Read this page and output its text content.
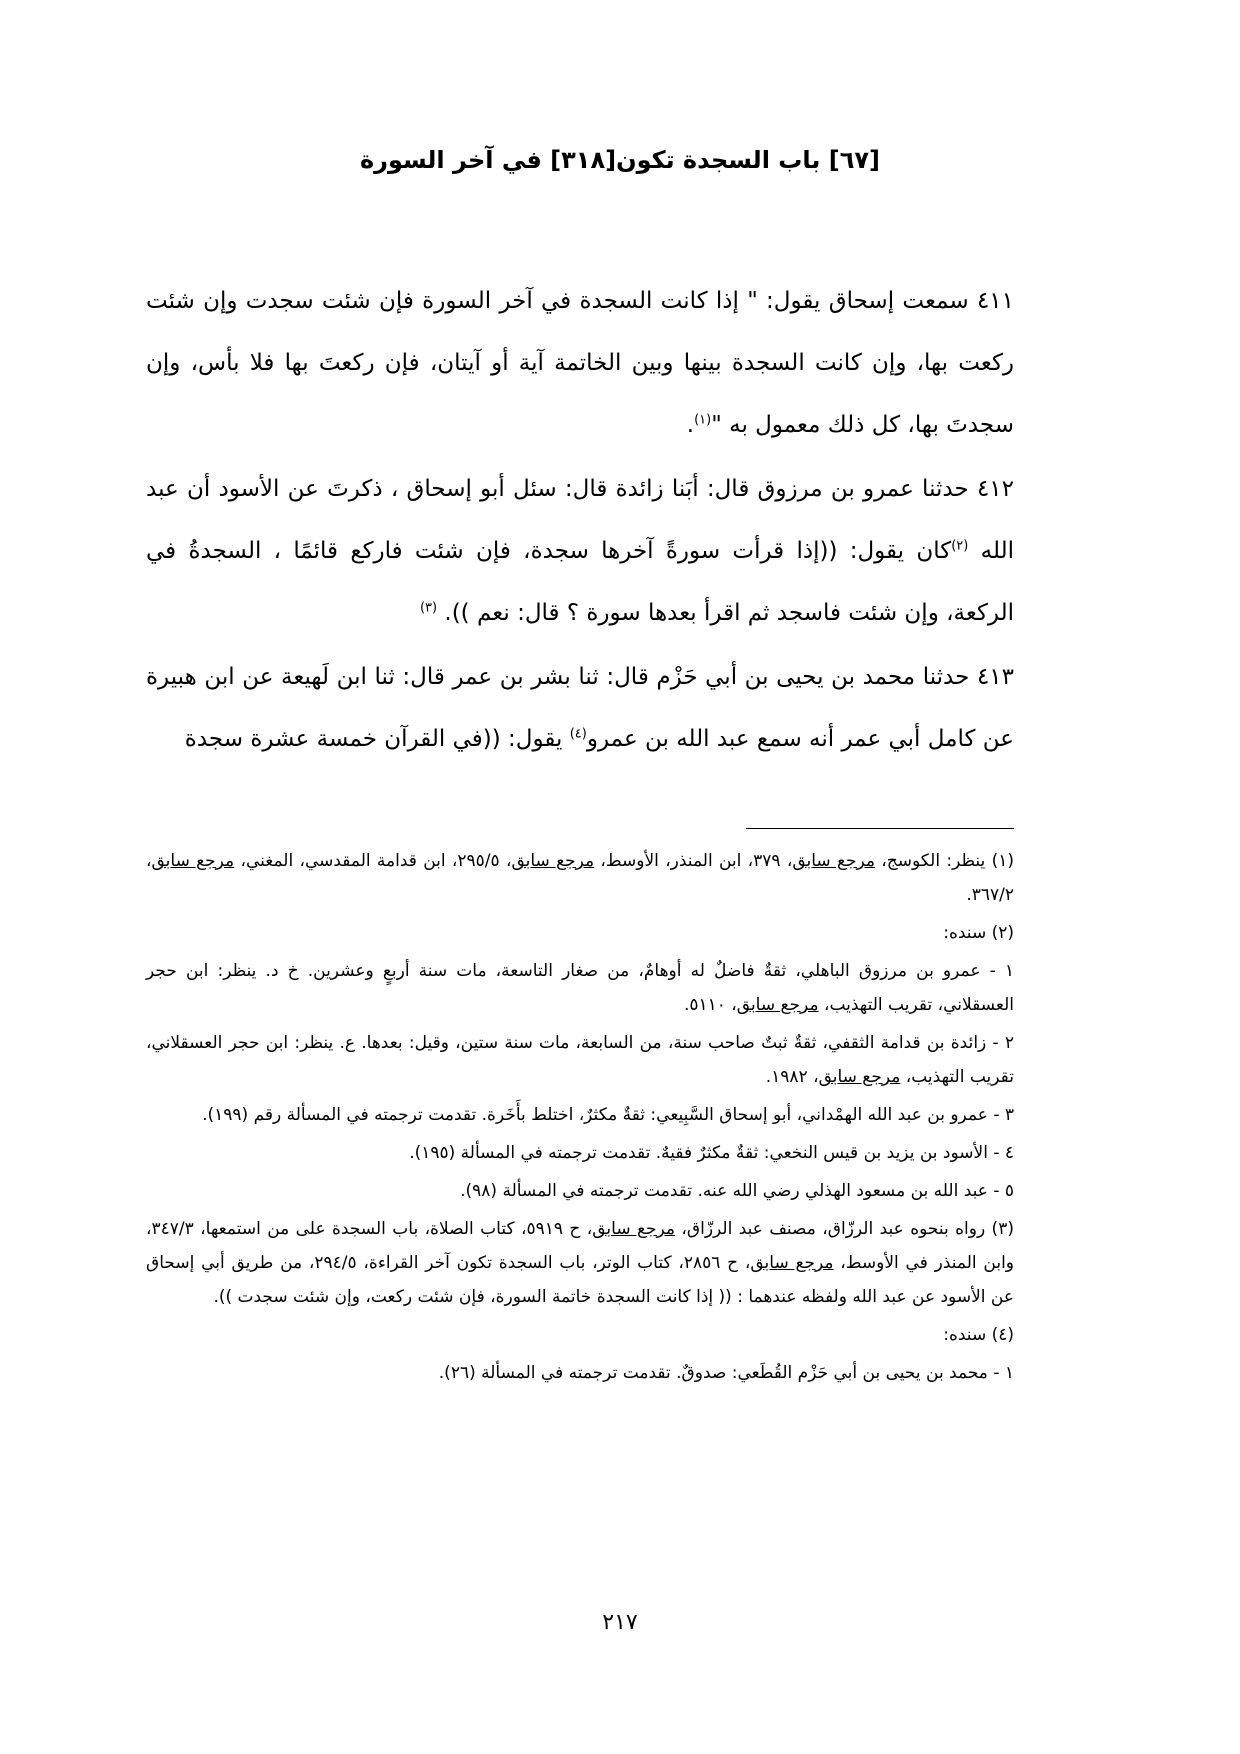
[٦٧] باب السجدة تكون[٣١٨] في آخر السورة

٤١١ سمعت إسحاق يقول: " إذا كانت السجدة في آخر السورة فإن شئت سجدت وإن شئت ركعت بها، وإن كانت السجدة بينها وبين الخاتمة آية أو آيتان، فإن ركعتَ بها فلا بأس، وإن سجدتَ بها، كل ذلك معمول به "$^{(١)}$.

٤١٢ حدثنا عمرو بن مرزوق قال: أبَنا زائدة قال: سئل أبو إسحاق ، ذكرتَ عن الأسود أن عبد الله $^{(٢)}$كان يقول: ((إذا قرأت سورةً آخرها سجدة، فإن شئت فاركع قائمًا ، السجدةُ في الركعة، وإن شئت فاسجد ثم اقرأ بعدها سورة ؟ قال: نعم )). $^{(٣)}$

٤١٣ حدثنا محمد بن يحيى بن أبي حَزْم قال: ثنا بشر بن عمر قال: ثنا ابن لَهيعة عن ابن هبيرة عن كامل أبي عمر أنه سمع عبد الله بن عمرو$^{(٤)}$ يقول: ((في القرآن خمسة عشرة سجدة

(١) ينظر: الكوسج، مرجع سابق، ٣٧٩، ابن المنذر، الأوسط، مرجع سابق، ٢٩٥/٥، ابن قدامة المقدسي، المغني، مرجع سابق، ٣٦٧/٢.

(٢) سنده:

١ - عمرو بن مرزوق الباهلي، ثقةٌ فاضلٌ له أوهامٌ، من صغار التاسعة، مات سنة أربعٍ وعشرين. خ د. ينظر: ابن حجر العسقلاني، تقريب التهذيب، مرجع سابق، ٥١١٠.

٢ - زائدة بن قدامة الثقفي، ثقةٌ ثبتٌ صاحب سنة، من السابعة، مات سنة ستين، وقيل: بعدها. ع. ينظر: ابن حجر العسقلاني، تقريب التهذيب، مرجع سابق، ١٩٨٢.

٣ - عمرو بن عبد الله الهمْداني، أبو إسحاق السَّبِيعي: ثقةٌ مكثرٌ، اختلط بأَخَرة. تقدمت ترجمته في المسألة رقم (١٩٩).

٤ - الأسود بن يزيد بن قيس النخعي: ثقةٌ مكثرٌ فقيهٌ. تقدمت ترجمته في المسألة (١٩٥).

٥ - عبد الله بن مسعود الهذلي رضي الله عنه. تقدمت ترجمته في المسألة (٩٨).

(٣) رواه بنحوه عبد الرزّاق، مصنف عبد الرزّاق، مرجع سابق، ح ٥٩١٩، كتاب الصلاة، باب السجدة على من استمعها، ٣٤٧/٣، وابن المنذر في الأوسط، مرجع سابق، ح ٢٨٥٦، كتاب الوتر، باب السجدة تكون آخر القراءة، ٢٩٤/٥، من طريق أبي إسحاق عن الأسود عن عبد الله ولفظه عندهما : (( إذا كانت السجدة خاتمة السورة، فإن شئت ركعت، وإن شئت سجدت )).

(٤) سنده:

١ - محمد بن يحيى بن أبي حَزْم القُطَعي: صدوقٌ. تقدمت ترجمته في المسألة (٢٦).

٢١٧
